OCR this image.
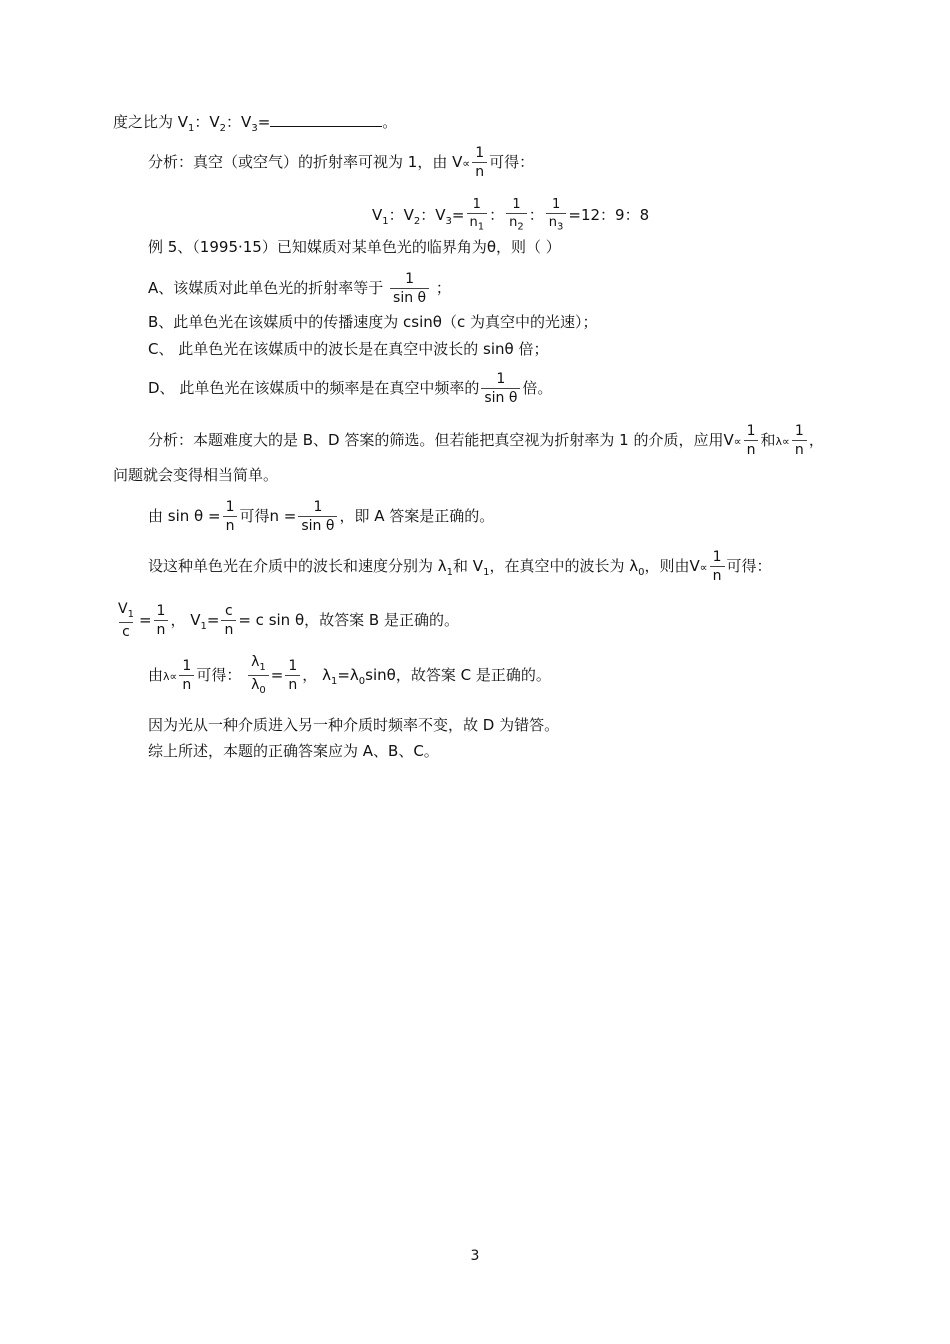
度之比为 $V_1$：$V_2$：$V_3=$	。
分析：真空（或空气）的折射率可视为 1，由 $V\propto \frac{1}{n}$ 可得：
$V_1$：$V_2$：$V_3= \frac{1}{n_1}$ ： $\frac{1}{n_2}$ ： $\frac{1}{n_3} =12$：9：8
例 5、（1995·15）已知媒质对某单色光的临界角为θ，则（ ）
A、该媒质对此单色光的折射率等于 $\frac{1}{\text{sin θ}}$ ；
B、此单色光在该媒质中的传播速度为 csinθ（c 为真空中的光速）；
C、 此单色光在该媒质中的波长是在真空中波长的 sinθ 倍；
D、 此单色光在该媒质中的频率是在真空中频率的 $\frac{1}{\text{sin θ}}$ 倍。
分析：本题难度大的是 B、D 答案的筛选。但若能把真空视为折射率为 1 的介质，应用$V\propto \frac{1}{n}$ 和$\lambda\propto \frac{1}{n}$ ，
问题就会变得相当简单。
由 $\sin \theta = \frac{1}{n}$ 可得$n = \frac{1}{\text{sin θ}}$ ，即 A 答案是正确的。
设这种单色光在介质中的波长和速度分别为 $\lambda_1$和 $V_1$，在真空中的波长为 $\lambda_0$，则由$V\propto \frac{1}{n}$ 可得：
$\frac{V_1}{c} = \frac{1}{n}$ ， $V_1= \frac{c}{n} = c$ sin θ，故答案 B 是正确的。
由$\lambda\propto \frac{1}{n}$ 可得： $\frac{\lambda_1}{\lambda_0} = \frac{1}{n}$ ， $\lambda_1=\lambda_0\sin\theta$，故答案 C 是正确的。
因为光从一种介质进入另一种介质时频率不变，故 D 为错答。
综上所述，本题的正确答案应为 A、B、C。
3
